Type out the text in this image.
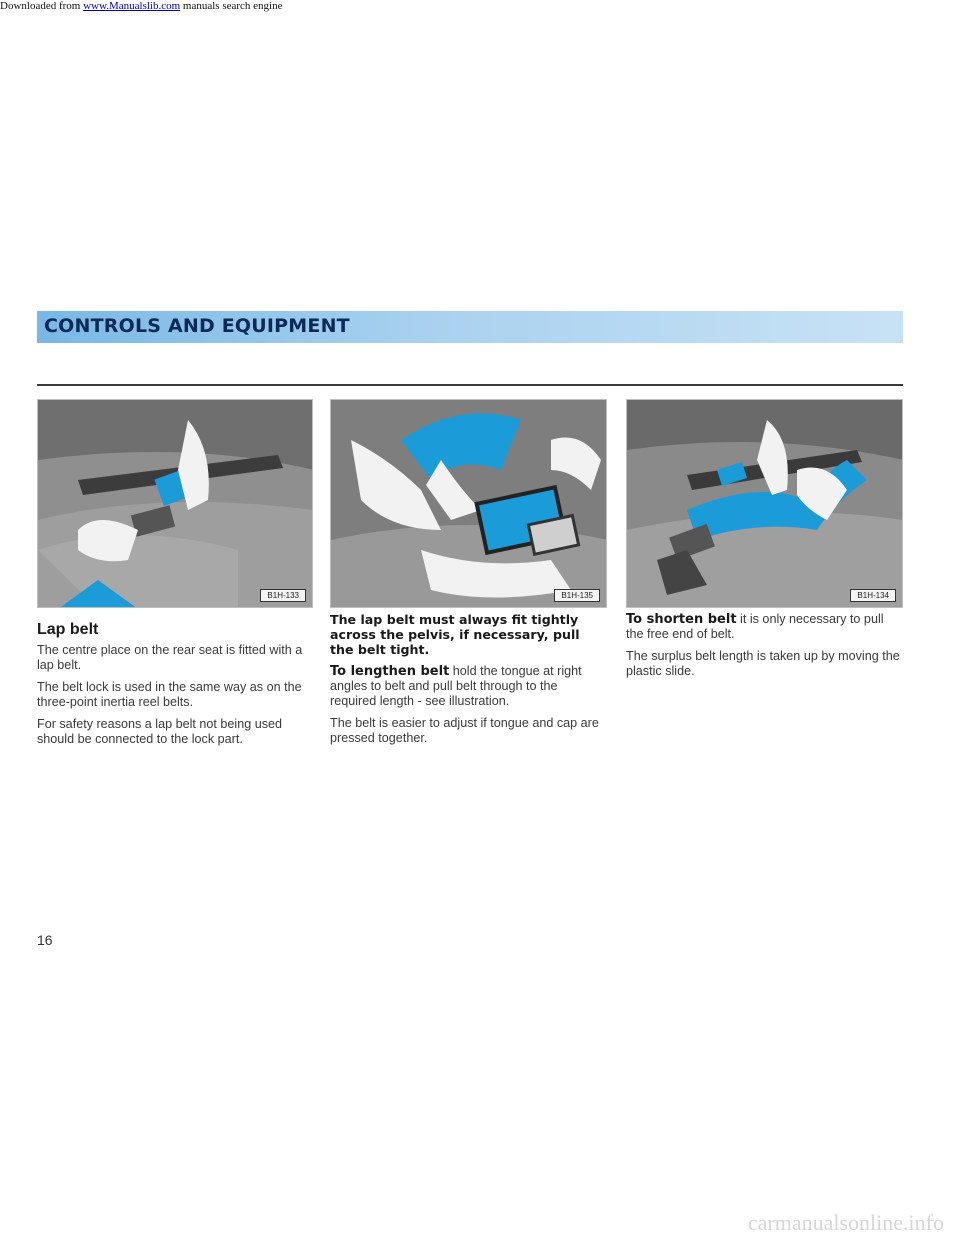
Downloaded from www.Manualslib.com manuals search engine
CONTROLS AND EQUIPMENT
B1H-133	B1H-135	B1H-134
Lap belt

The centre place on the rear seat is fitted with a lap belt.

The belt lock is used in the same way as on the three-point inertia reel belts.

For safety reasons a lap belt not being used should be connected to the lock part.

The lap belt must always fit tightly across the pelvis, if necessary, pull the belt tight.

To lengthen belt hold the tongue at right angles to belt and pull belt through to the required length - see illustration.

The belt is easier to adjust if tongue and cap are pressed together.

To shorten belt it is only necessary to pull the free end of belt.

The surplus belt length is taken up by moving the plastic slide.

16
carmanualsonline.info
